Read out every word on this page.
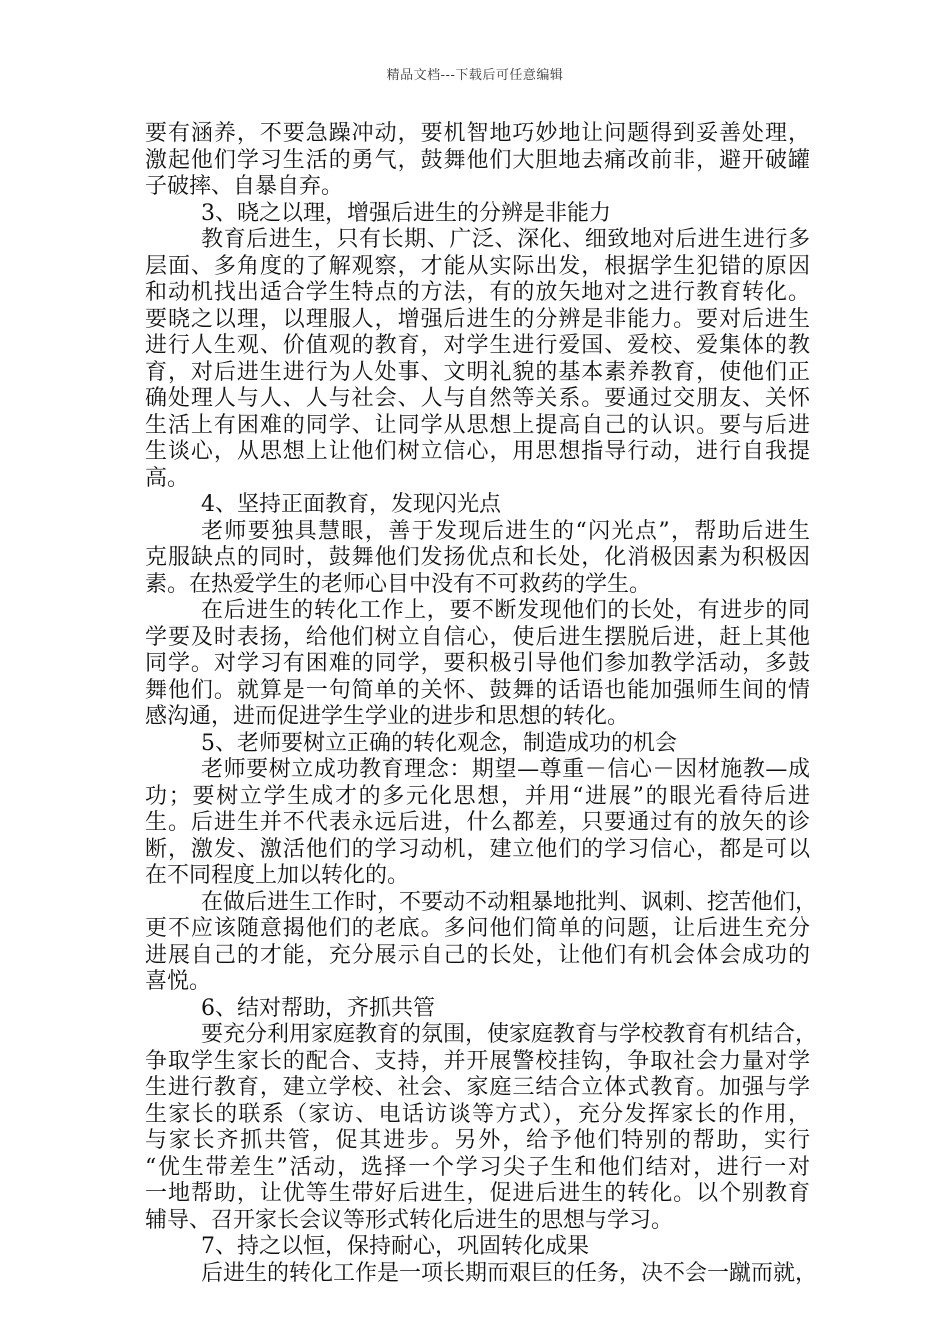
精品文档---下载后可任意编辑
要有涵养，不要急躁冲动，要机智地巧妙地让问题得到妥善处理，
激起他们学习生活的勇气，鼓舞他们大胆地去痛改前非，避开破罐
子破摔、自暴自弃。
3、晓之以理，增强后进生的分辨是非能力
教育后进生，只有长期、广泛、深化、细致地对后进生进行多
层面、多角度的了解观察，才能从实际出发，根据学生犯错的原因
和动机找出适合学生特点的方法，有的放矢地对之进行教育转化。
要晓之以理，以理服人，增强后进生的分辨是非能力。要对后进生
进行人生观、价值观的教育，对学生进行爱国、爱校、爱集体的教
育，对后进生进行为人处事、文明礼貌的基本素养教育，使他们正
确处理人与人、人与社会、人与自然等关系。要通过交朋友、关怀
生活上有困难的同学、让同学从思想上提高自己的认识。要与后进
生谈心，从思想上让他们树立信心，用思想指导行动，进行自我提
高。
4、坚持正面教育，发现闪光点
老师要独具慧眼，善于发现后进生的“闪光点”，帮助后进生
克服缺点的同时，鼓舞他们发扬优点和长处，化消极因素为积极因
素。在热爱学生的老师心目中没有不可救药的学生。
在后进生的转化工作上，要不断发现他们的长处，有进步的同
学要及时表扬，给他们树立自信心，使后进生摆脱后进，赶上其他
同学。对学习有困难的同学，要积极引导他们参加教学活动，多鼓
舞他们。就算是一句简单的关怀、鼓舞的话语也能加强师生间的情
感沟通，进而促进学生学业的进步和思想的转化。
5、老师要树立正确的转化观念，制造成功的机会
老师要树立成功教育理念：期望—尊重－信心－因材施教—成
功；要树立学生成才的多元化思想，并用“进展”的眼光看待后进
生。后进生并不代表永远后进，什么都差，只要通过有的放矢的诊
断，激发、激活他们的学习动机，建立他们的学习信心，都是可以
在不同程度上加以转化的。
在做后进生工作时，不要动不动粗暴地批判、讽刺、挖苦他们，
更不应该随意揭他们的老底。多问他们简单的问题，让后进生充分
进展自己的才能，充分展示自己的长处，让他们有机会体会成功的
喜悦。
6、结对帮助，齐抓共管
要充分利用家庭教育的氛围，使家庭教育与学校教育有机结合，
争取学生家长的配合、支持，并开展警校挂钩，争取社会力量对学
生进行教育，建立学校、社会、家庭三结合立体式教育。加强与学
生家长的联系（家访、电话访谈等方式），充分发挥家长的作用，
与家长齐抓共管，促其进步。另外，给予他们特别的帮助，实行
“优生带差生”活动，选择一个学习尖子生和他们结对，进行一对
一地帮助，让优等生带好后进生，促进后进生的转化。以个别教育
辅导、召开家长会议等形式转化后进生的思想与学习。
7、持之以恒，保持耐心，巩固转化成果
后进生的转化工作是一项长期而艰巨的任务，决不会一蹴而就，
